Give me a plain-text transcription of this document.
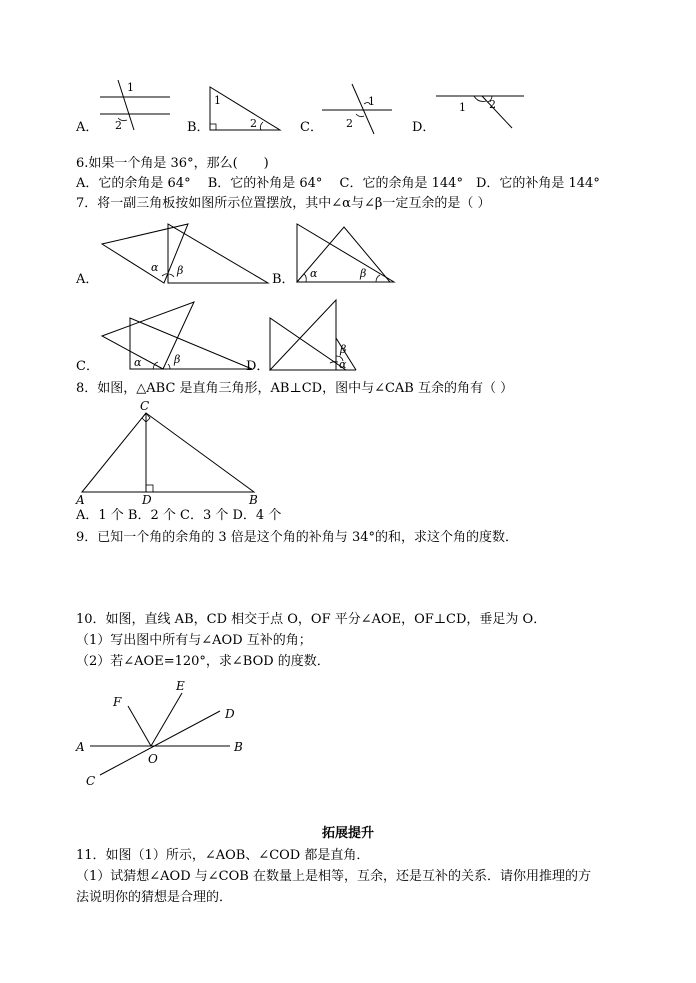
A．
1
2	B．
1
2	C．
1
2	D．
1 2
6.如果一个角是 36°，那么(　　)
A．它的余角是 64°　 B．它的补角是 64°　 C．它的余角是 144°　D．它的补角是 144°
7．将一副三角板按如图所示位置摆放，其中∠α与∠β一定互余的是（ ）
A．
α β
B． α	β
C．	α	β	D．
β
α
8．如图，△ABC 是直角三角形，AB⊥CD，图中与∠CAB 互余的角有（ ）
C
A	D	B
A．1 个 B．2 个 C．3 个 D．4 个
9．已知一个角的余角的 3 倍是这个角的补角与 34°的和，求这个角的度数．
10．如图，直线 AB，CD 相交于点 O，OF 平分∠AOE，OF⊥CD，垂足为 O．
（1）写出图中所有与∠AOD 互补的角；
（2）若∠AOE=120°，求∠BOD 的度数．
A	B
C
D
E
F
O
拓展提升
11．如图（1）所示，∠AOB、∠COD 都是直角．
（1）试猜想∠AOD 与∠COB 在数量上是相等，互余，还是互补的关系．请你用推理的方
法说明你的猜想是合理的．
